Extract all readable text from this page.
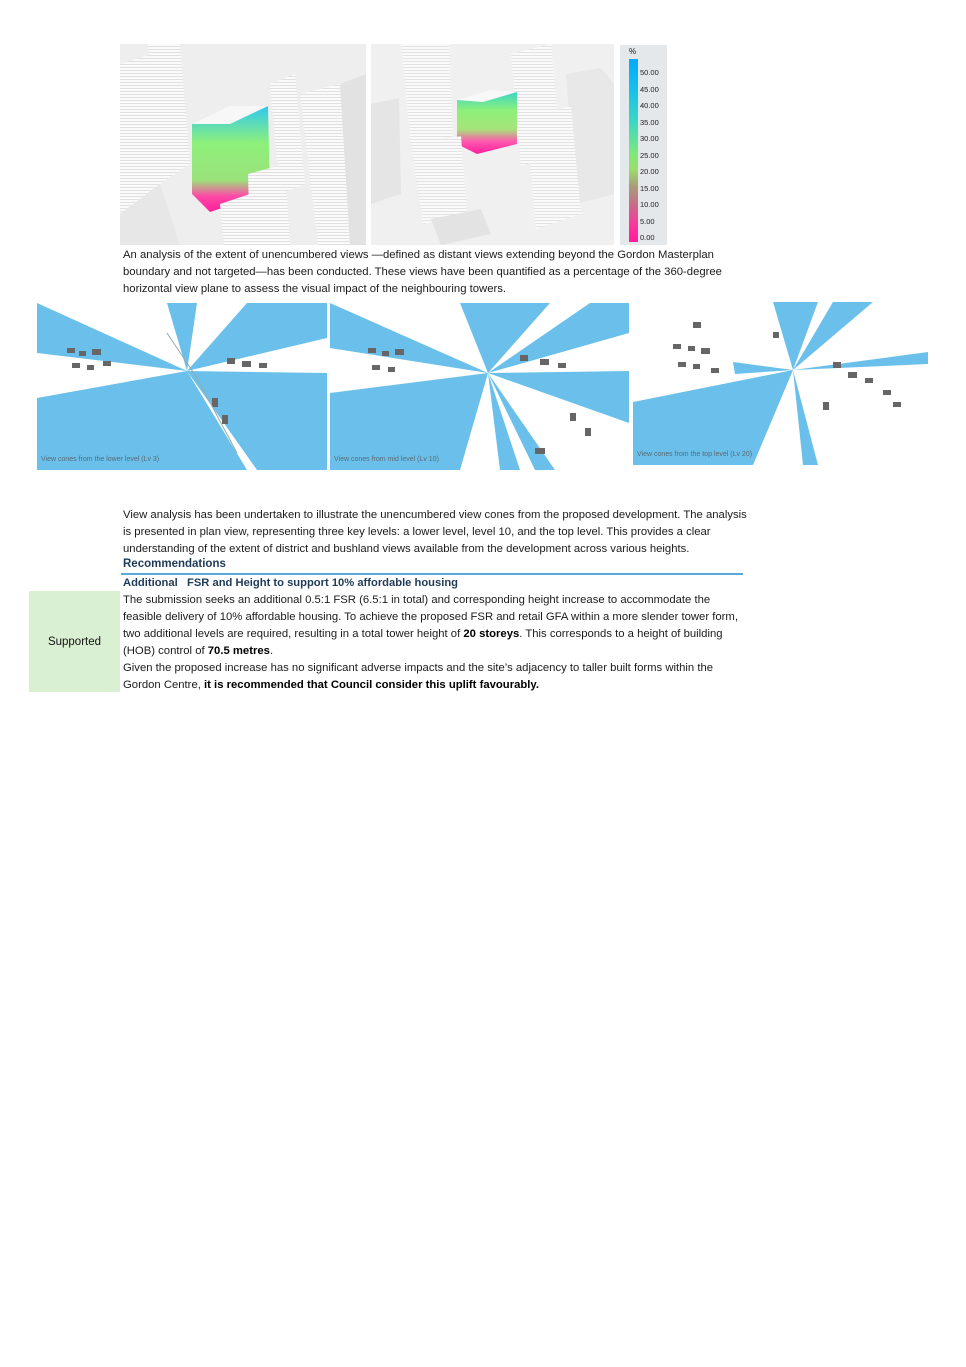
%
50.00
45.00
40.00
35.00
30.00
25.00
20.00
15.00
10.00
5.00
0.00

An analysis of the extent of unencumbered views —defined as distant views extending beyond the Gordon Masterplan boundary and not targeted—has been conducted. These views have been quantified as a percentage of the 360-degree horizontal view plane to assess the visual impact of the neighbouring towers.

View cones from the lower level (Lv 3)	View cones from mid level (Lv 10)
View cones from the top level (Lv 20)

View analysis has been undertaken to illustrate the unencumbered view cones from the proposed development. The analysis is presented in plan view, representing three key levels: a lower level, level 10, and the top level. This provides a clear understanding of the extent of district and bushland views available from the development across various heights.

Recommendations
Additional   FSR and Height to support 10% affordable housing
Supported

The submission seeks an additional 0.5:1 FSR (6.5:1 in total) and corresponding height increase to accommodate the feasible delivery of 10% affordable housing. To achieve the proposed FSR and retail GFA within a more slender tower form, two additional levels are required, resulting in a total tower height of 20 storeys. This corresponds to a height of building (HOB) control of 70.5 metres.

Given the proposed increase has no significant adverse impacts and the site’s adjacency to taller built forms within the Gordon Centre, it is recommended that Council consider this uplift favourably.
